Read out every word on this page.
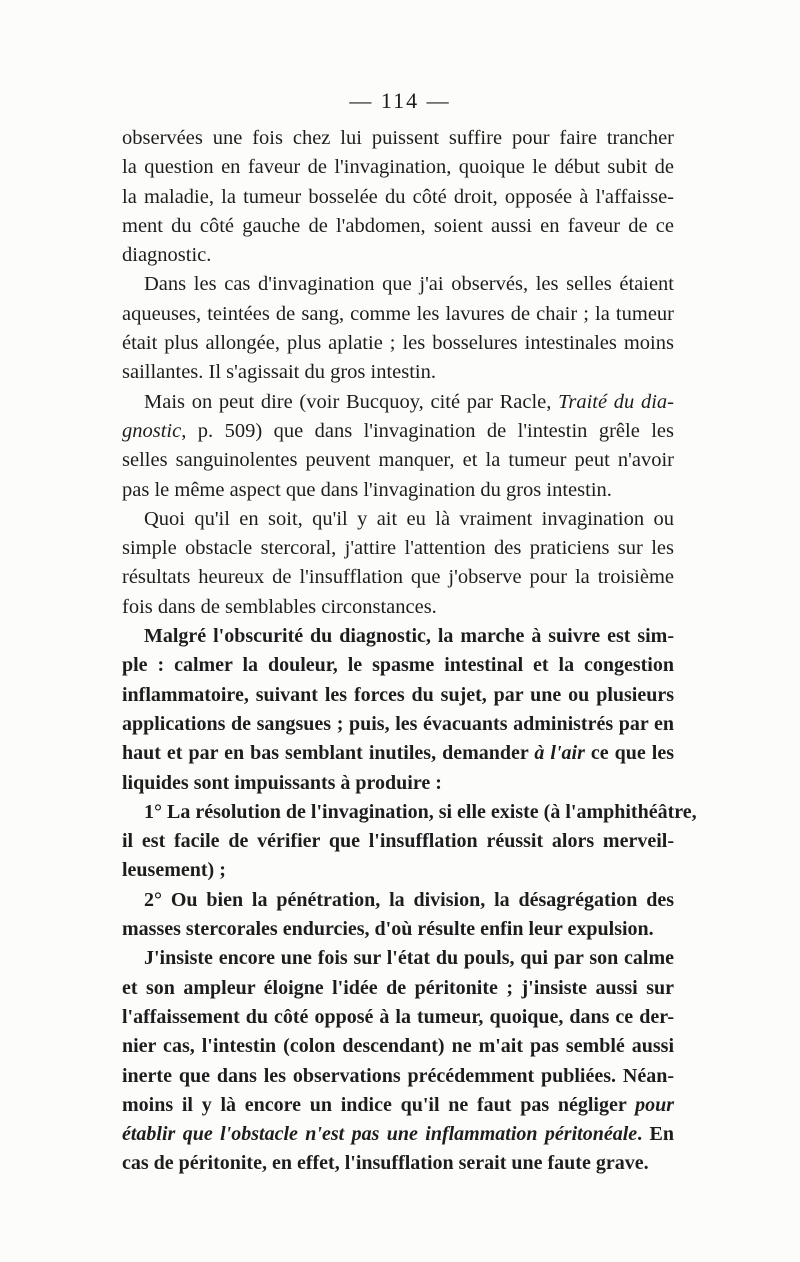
— 114 —
observées une fois chez lui puissent suffire pour faire trancher
la question en faveur de l'invagination, quoique le début subit de
la maladie, la tumeur bosselée du côté droit, opposée à l'affaisse-
ment du côté gauche de l'abdomen, soient aussi en faveur de ce
diagnostic.
Dans les cas d'invagination que j'ai observés, les selles étaient
aqueuses, teintées de sang, comme les lavures de chair ; la tumeur
était plus allongée, plus aplatie ; les bosselures intestinales moins
saillantes. Il s'agissait du gros intestin.
Mais on peut dire (voir Bucquoy, cité par Racle, Traité du dia-
gnostic, p. 509) que dans l'invagination de l'intestin grêle les
selles sanguinolentes peuvent manquer, et la tumeur peut n'avoir
pas le même aspect que dans l'invagination du gros intestin.
Quoi qu'il en soit, qu'il y ait eu là vraiment invagination ou
simple obstacle stercoral, j'attire l'attention des praticiens sur les
résultats heureux de l'insufflation que j'observe pour la troisième
fois dans de semblables circonstances.
Malgré l'obscurité du diagnostic, la marche à suivre est sim-
ple : calmer la douleur, le spasme intestinal et la congestion
inflammatoire, suivant les forces du sujet, par une ou plusieurs
applications de sangsues ; puis, les évacuants administrés par en
haut et par en bas semblant inutiles, demander à l'air ce que les
liquides sont impuissants à produire :
1° La résolution de l'invagination, si elle existe (à l'amphithéâtre,
il est facile de vérifier que l'insufflation réussit alors merveil-
leusement) ;
2° Ou bien la pénétration, la division, la désagrégation des
masses stercorales endurcies, d'où résulte enfin leur expulsion.
J'insiste encore une fois sur l'état du pouls, qui par son calme
et son ampleur éloigne l'idée de péritonite ; j'insiste aussi sur
l'affaissement du côté opposé à la tumeur, quoique, dans ce der-
nier cas, l'intestin (colon descendant) ne m'ait pas semblé aussi
inerte que dans les observations précédemment publiées. Néan-
moins il y là encore un indice qu'il ne faut pas négliger pour
établir que l'obstacle n'est pas une inflammation péritonéale. En
cas de péritonite, en effet, l'insufflation serait une faute grave.
